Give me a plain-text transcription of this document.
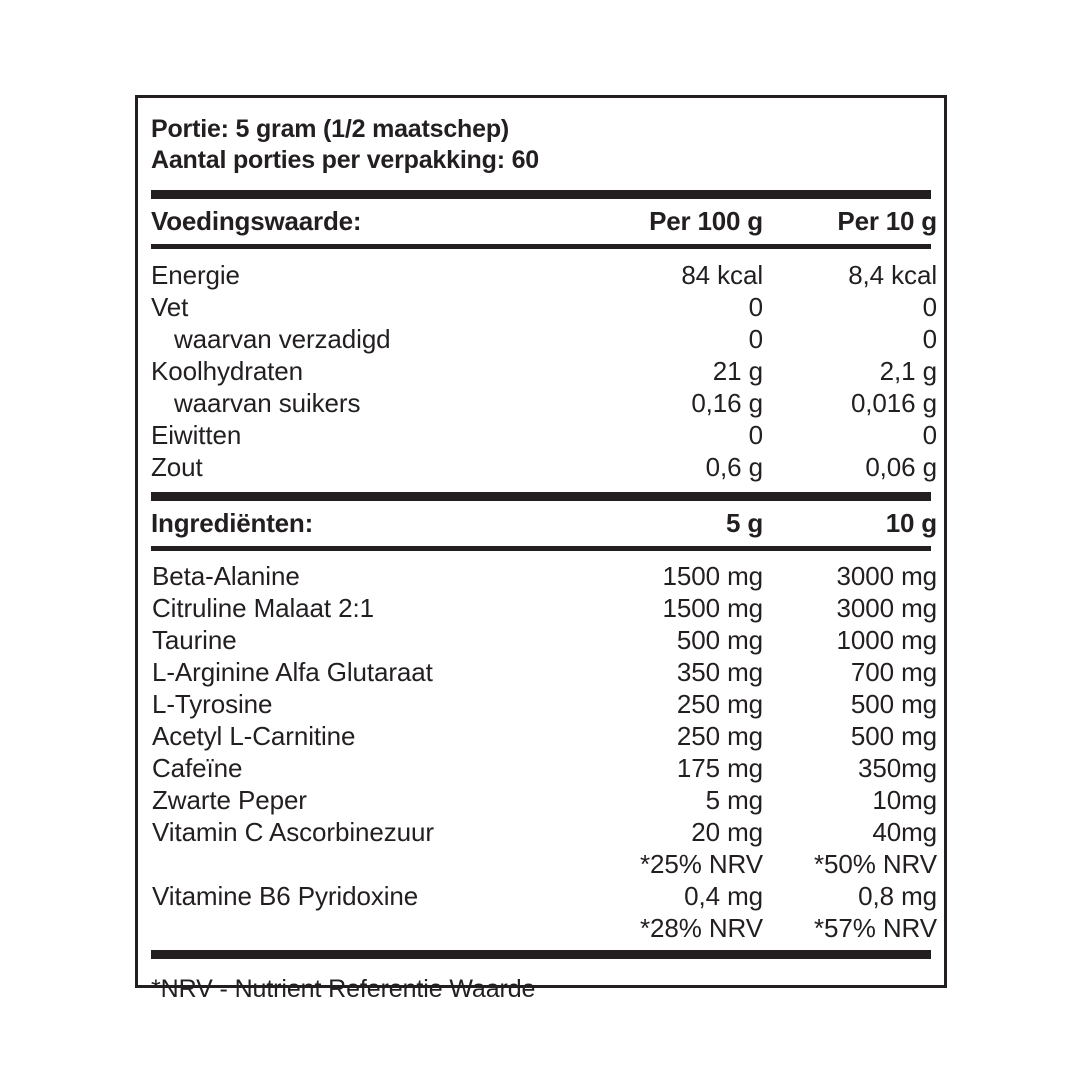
Portie: 5 gram (1/2 maatschep)
Aantal porties per verpakking: 60
Voedingswaarde:	Per 100 g	Per 10 g
Energie	84 kcal	8,4 kcal
Vet	0	0
waarvan verzadigd	0	0
Koolhydraten	21 g	2,1 g
waarvan suikers	0,16 g	0,016 g
Eiwitten	0	0
Zout	0,6 g	0,06 g
Ingrediënten:	5 g	10 g
Beta-Alanine	1500 mg	3000 mg
Citruline Malaat 2:1	1500 mg	3000 mg
Taurine	500 mg	1000 mg
L-Arginine Alfa Glutaraat	350 mg	700 mg
L-Tyrosine	250 mg	500 mg
Acetyl L-Carnitine	250 mg	500 mg
Cafeïne	175 mg	350mg
Zwarte Peper	5 mg	10mg
Vitamin C Ascorbinezuur	20 mg	40mg
	*25% NRV	*50% NRV
Vitamine B6 Pyridoxine	0,4 mg	0,8 mg
	*28% NRV	*57% NRV
*NRV - Nutrient Referentie Waarde
